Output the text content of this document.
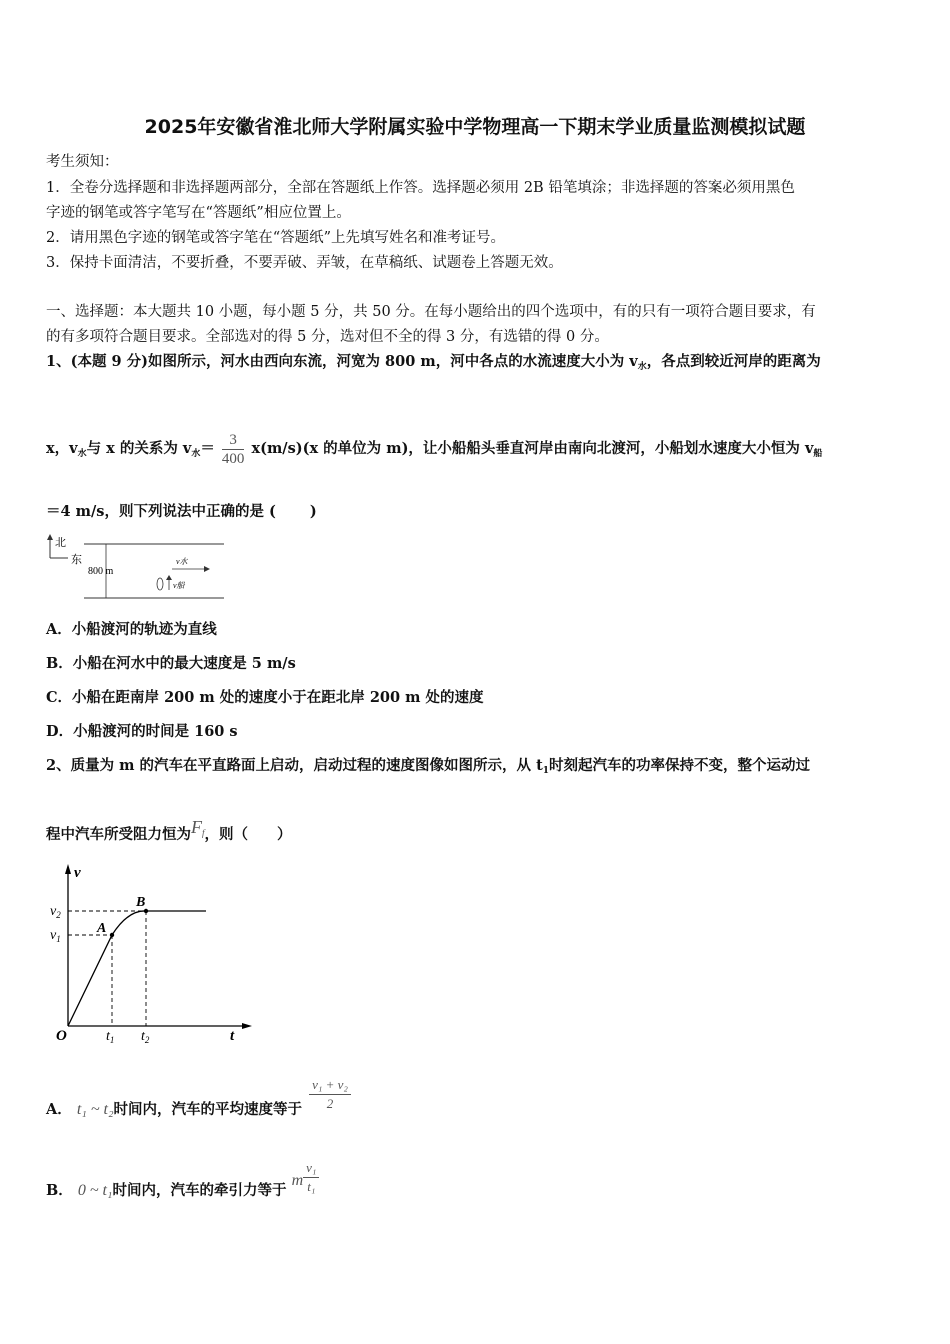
2025年安徽省淮北师大学附属实验中学物理高一下期末学业质量监测模拟试题
考生须知：
1．全卷分选择题和非选择题两部分，全部在答题纸上作答。选择题必须用 2B 铅笔填涂；非选择题的答案必须用黑色
字迹的钢笔或答字笔写在“答题纸”相应位置上。
2．请用黑色字迹的钢笔或答字笔在“答题纸”上先填写姓名和准考证号。
3．保持卡面清洁，不要折叠，不要弄破、弄皱，在草稿纸、试题卷上答题无效。
一、选择题：本大题共 10 小题，每小题 5 分，共 50 分。在每小题给出的四个选项中，有的只有一项符合题目要求，有
的有多项符合题目要求。全部选对的得 5 分，选对但不全的得 3 分，有选错的得 0 分。
1、(本题 9 分)如图所示，河水由西向东流，河宽为 800 m，河中各点的水流速度大小为 $v_水$，各点到较近河岸的距离为
x，$v_水$与 x 的关系为 $v_水= \frac{3}{400} x(m/s)(x$ 的单位为 m)，让小船船头垂直河岸由南向北渡河，小船划水速度大小恒为 $v_船$
＝4 m/s，则下列说法中正确的是 (　　 )
北
东
800 m
v水
v船
A．小船渡河的轨迹为直线
B．小船在河水中的最大速度是 5 m/s
C．小船在距南岸 200 m 处的速度小于在距北岸 200 m 处的速度
D．小船渡河的时间是 160 s
2、质量为 m 的汽车在平直路面上启动，启动过程的速度图像如图所示，从 $t_1$时刻起汽车的功率保持不变，整个运动过
程中汽车所受阻力恒为$F_f$，则（　　）
v
t
O
A
B
$v_2$
$v_1$
$t_1$ $t_2$
A． t₁ ~ t₂时间内，汽车的平均速度等于 $\frac{\text{v₁ + v₂}}{2}$
B． 0 ~ t₁时间内，汽车的牵引力等于 m $\frac{\text{v₁}}{\text{t₁}}$
